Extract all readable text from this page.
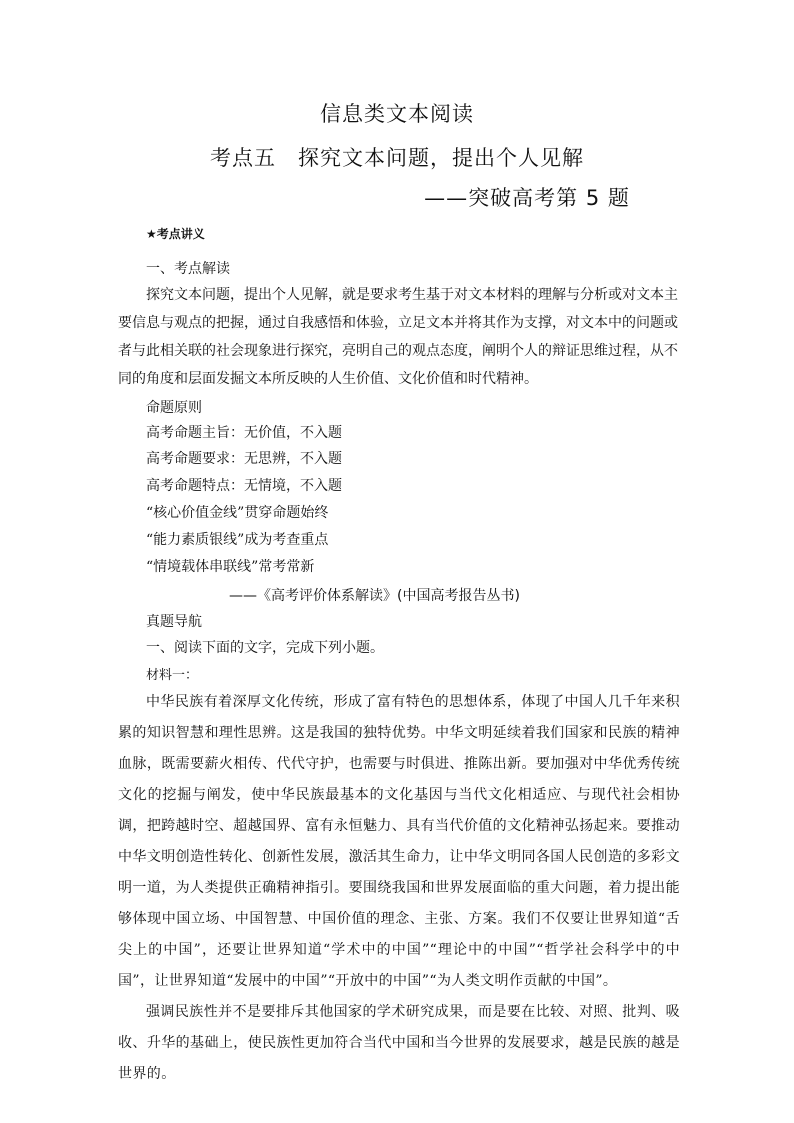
信息类文本阅读
考点五　探究文本问题，提出个人见解
——突破高考第 5 题
★考点讲义
一、考点解读

探究文本问题，提出个人见解，就是要求考生基于对文本材料的理解与分析或对文本主要信息与观点的把握，通过自我感悟和体验，立足文本并将其作为支撑，对文本中的问题或者与此相关联的社会现象进行探究，亮明自己的观点态度，阐明个人的辩证思维过程，从不同的角度和层面发掘文本所反映的人生价值、文化价值和时代精神。

命题原则
高考命题主旨：无价值，不入题
高考命题要求：无思辨，不入题
高考命题特点：无情境，不入题
“核心价值金线”贯穿命题始终
“能力素质银线”成为考查重点
“情境载体串联线”常考常新
——《高考评价体系解读》(中国高考报告丛书)
真题导航
一、阅读下面的文字，完成下列小题。
材料一：

中华民族有着深厚文化传统，形成了富有特色的思想体系，体现了中国人几千年来积累的知识智慧和理性思辨。这是我国的独特优势。中华文明延续着我们国家和民族的精神血脉，既需要薪火相传、代代守护，也需要与时俱进、推陈出新。要加强对中华优秀传统文化的挖掘与阐发，使中华民族最基本的文化基因与当代文化相适应、与现代社会相协调，把跨越时空、超越国界、富有永恒魅力、具有当代价值的文化精神弘扬起来。要推动中华文明创造性转化、创新性发展，激活其生命力，让中华文明同各国人民创造的多彩文明一道，为人类提供正确精神指引。要围绕我国和世界发展面临的重大问题，着力提出能够体现中国立场、中国智慧、中国价值的理念、主张、方案。我们不仅要让世界知道“舌尖上的中国”，还要让世界知道“学术中的中国”“理论中的中国”“哲学社会科学中的中国”，让世界知道“发展中的中国”“开放中的中国”“为人类文明作贡献的中国”。

强调民族性并不是要排斥其他国家的学术研究成果，而是要在比较、对照、批判、吸收、升华的基础上，使民族性更加符合当代中国和当今世界的发展要求，越是民族的越是世界的。
